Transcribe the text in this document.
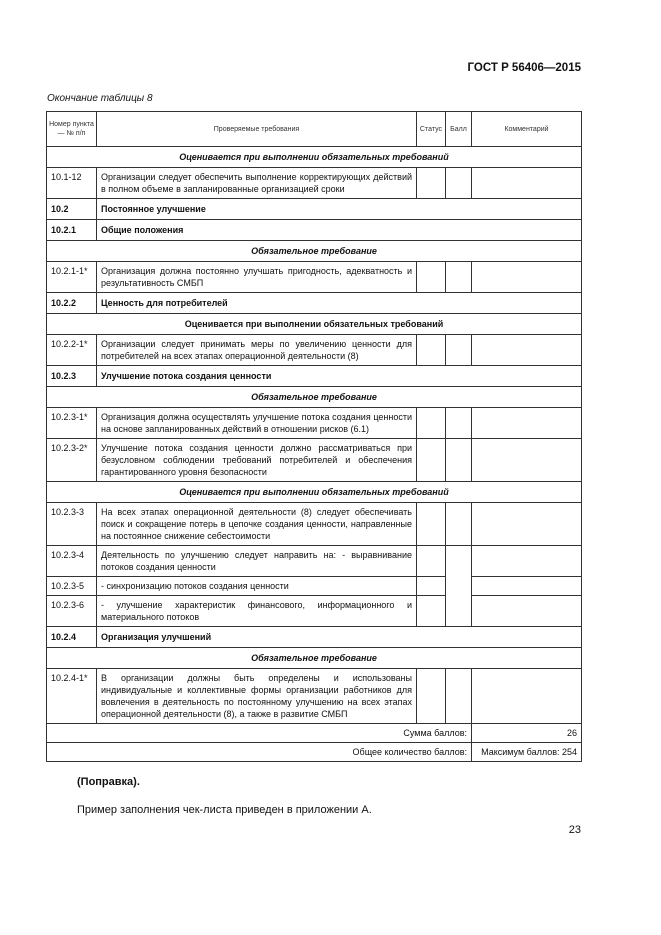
ГОСТ Р 56406—2015
Окончание таблицы 8
Номер пункта — № п/п	Проверяемые требования	Статус	Балл	Комментарий
Оценивается при выполнении обязательных требований				
10.1-12	Организации следует обеспечить выполнение корректирующих действий в полном объеме в запланированные организацией сроки			
10.2	Постоянное улучшение			
10.2.1	Общие положения			
Обязательное требование				
10.2.1-1*	Организация должна постоянно улучшать пригодность, адекватность и результативность СМБП			
10.2.2	Ценность для потребителей			
Оценивается при выполнении обязательных требований				
10.2.2-1*	Организации следует принимать меры по увеличению ценности для потребителей на всех этапах операционной деятельности (8)			
10.2.3	Улучшение потока создания ценности			
Обязательное требование				
10.2.3-1*	Организация должна осуществлять улучшение потока создания ценности на основе запланированных действий в отношении рисков (6.1)			
10.2.3-2*	Улучшение потока создания ценности должно рассматриваться при безусловном соблюдении требований потребителей и обеспечения гарантированного уровня безопасности			
Оценивается при выполнении обязательных требований				
10.2.3-3	На всех этапах операционной деятельности (8) следует обеспечивать поиск и сокращение потерь в цепочке создания ценности, направленные на постоянное снижение себестоимости			
10.2.3-4	Деятельность по улучшению следует направить на: - выравнивание потоков создания ценности			
10.2.3-5	- синхронизацию потоков создания ценности			
10.2.3-6	- улучшение характеристик финансового, информационного и материального потоков			
10.2.4	Организация улучшений			
Обязательное требование				
10.2.4-1*	В организации должны быть определены и использованы индивидуальные и коллективные формы организации работников для вовлечения в деятельность по постоянному улучшению на всех этапах операционной деятельности (8), а также в развитие СМБП			
Сумма баллов:				26
Общее количество баллов:				Максимум баллов: 254
(Поправка).
Пример заполнения чек-листа приведен в приложении А.
23
